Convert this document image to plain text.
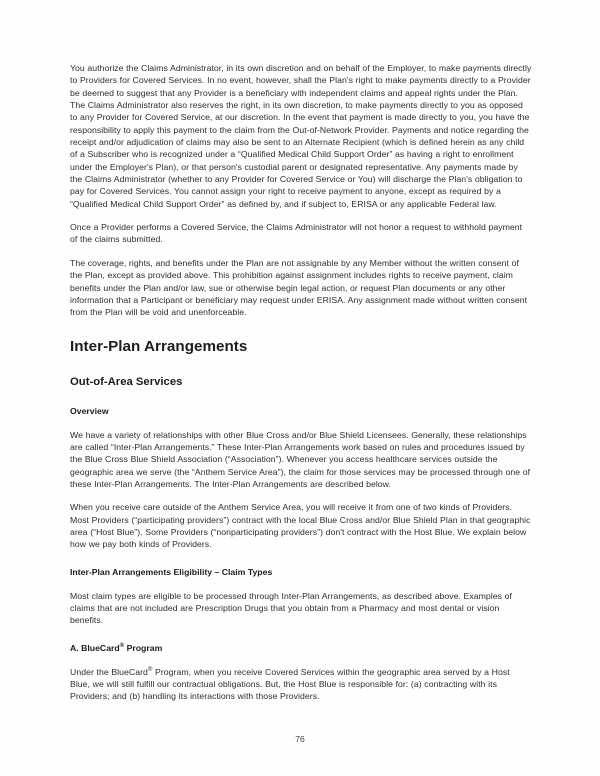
You authorize the Claims Administrator, in its own discretion and on behalf of the Employer, to make payments directly to Providers for Covered Services. In no event, however, shall the Plan's right to make payments directly to a Provider be deemed to suggest that any Provider is a beneficiary with independent claims and appeal rights under the Plan. The Claims Administrator also reserves the right, in its own discretion, to make payments directly to you as opposed to any Provider for Covered Service, at our discretion. In the event that payment is made directly to you, you have the responsibility to apply this payment to the claim from the Out-of-Network Provider. Payments and notice regarding the receipt and/or adjudication of claims may also be sent to an Alternate Recipient (which is defined herein as any child of a Subscriber who is recognized under a “Qualified Medical Child Support Order” as having a right to enrollment under the Employer's Plan), or that person's custodial parent or designated representative. Any payments made by the Claims Administrator (whether to any Provider for Covered Service or You) will discharge the Plan's obligation to pay for Covered Services. You cannot assign your right to receive payment to anyone, except as required by a “Qualified Medical Child Support Order” as defined by, and if subject to, ERISA or any applicable Federal law.

Once a Provider performs a Covered Service, the Claims Administrator will not honor a request to withhold payment of the claims submitted.

The coverage, rights, and benefits under the Plan are not assignable by any Member without the written consent of the Plan, except as provided above. This prohibition against assignment includes rights to receive payment, claim benefits under the Plan and/or law, sue or otherwise begin legal action, or request Plan documents or any other information that a Participant or beneficiary may request under ERISA. Any assignment made without written consent from the Plan will be void and unenforceable.

Inter-Plan Arrangements
Out-of-Area Services
Overview

We have a variety of relationships with other Blue Cross and/or Blue Shield Licensees. Generally, these relationships are called “Inter-Plan Arrangements.” These Inter-Plan Arrangements work based on rules and procedures issued by the Blue Cross Blue Shield Association (“Association”). Whenever you access healthcare services outside the geographic area we serve (the “Anthem Service Area”), the claim for those services may be processed through one of these Inter-Plan Arrangements. The Inter-Plan Arrangements are described below.

When you receive care outside of the Anthem Service Area, you will receive it from one of two kinds of Providers. Most Providers (“participating providers”) contract with the local Blue Cross and/or Blue Shield Plan in that geographic area (“Host Blue”). Some Providers (“nonparticipating providers”) don't contract with the Host Blue. We explain below how we pay both kinds of Providers.

Inter-Plan Arrangements Eligibility – Claim Types

Most claim types are eligible to be processed through Inter-Plan Arrangements, as described above. Examples of claims that are not included are Prescription Drugs that you obtain from a Pharmacy and most dental or vision benefits.

A. BlueCard® Program

Under the BlueCard® Program, when you receive Covered Services within the geographic area served by a Host Blue, we will still fulfill our contractual obligations. But, the Host Blue is responsible for: (a) contracting with its Providers; and (b) handling its interactions with those Providers.

76
